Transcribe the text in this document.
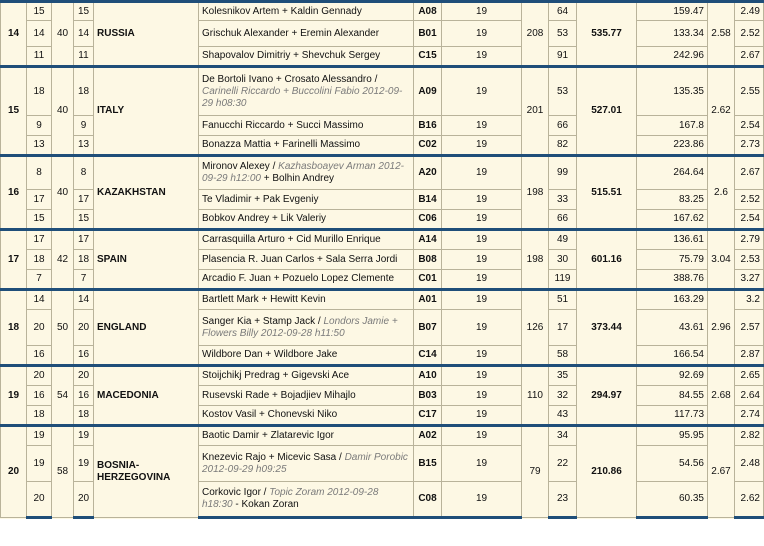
14	15	40	15	RUSSIA	Kolesnikov Artem + Kaldin Gennady	A08	19	208	64	535.77	159.47	2.58	2.49
	14		14		Grischuk Alexander + Eremin Alexander	B01	19		53		133.34		2.52
	11		11		Shapovalov Dimitriy + Shevchuk Sergey	C15	19		91		242.96		2.67
15	18	40	18	ITALY	De Bortoli Ivano + Crosato Alessandro / Carinelli Riccardo + Buccolini Fabio 2012-09-29 h08:30	A09	19	201	53	527.01	135.35	2.62	2.55
	9		9		Fanucchi Riccardo + Succi Massimo	B16	19		66		167.8		2.54
	13		13		Bonazza Mattia + Farinelli Massimo	C02	19		82		223.86		2.73
16	8	40	8	KAZAKHSTAN	Mironov Alexey / Kazhasboayev Arman 2012-09-29 h12:00 + Bolhin Andrey	A20	19	198	99	515.51	264.64	2.6	2.67
	17		17		Te Vladimir + Pak Evgeniy	B14	19		33		83.25		2.52
	15		15		Bobkov Andrey + Lik Valeriy	C06	19		66		167.62		2.54
17	17	42	17	SPAIN	Carrasquilla Arturo + Cid Murillo Enrique	A14	19	198	49	601.16	136.61	3.04	2.79
	18		18		Plasencia R. Juan Carlos + Sala Serra Jordi	B08	19		30		75.79		2.53
	7		7		Arcadio F. Juan + Pozuelo Lopez Clemente	C01	19		119		388.76		3.27
18	14	50	14	ENGLAND	Bartlett Mark + Hewitt Kevin	A01	19	126	51	373.44	163.29	2.96	3.2
	20		20		Sanger Kia + Stamp Jack / Londors Jamie + Flowers Billy 2012-09-28 h11:50	B07	19		17		43.61		2.57
	16		16		Wildbore Dan + Wildbore Jake	C14	19		58		166.54		2.87
19	20	54	20	MACEDONIA	Stoijchikj Predrag + Gigevski Ace	A10	19	110	35	294.97	92.69	2.68	2.65
	16		16		Rusevski Rade + Bojadjiev Mihajlo	B03	19		32		84.55		2.64
	18		18		Kostov Vasil + Chonevski Niko	C17	19		43		117.73		2.74
20	19	58	19	BOSNIA-HERZEGOVINA	Baotic Damir + Zlatarevic Igor	A02	19	79	34	210.86	95.95	2.67	2.82
	19		19		Knezevic Rajo + Micevic Sasa / Damir Porobic 2012-09-29 h09:25	B15	19		22		54.56		2.48
	20		20		Corkovic Igor / Topic Zoram 2012-09-28 h18:30 - Kokan Zoran	C08	19		23		60.35		2.62
